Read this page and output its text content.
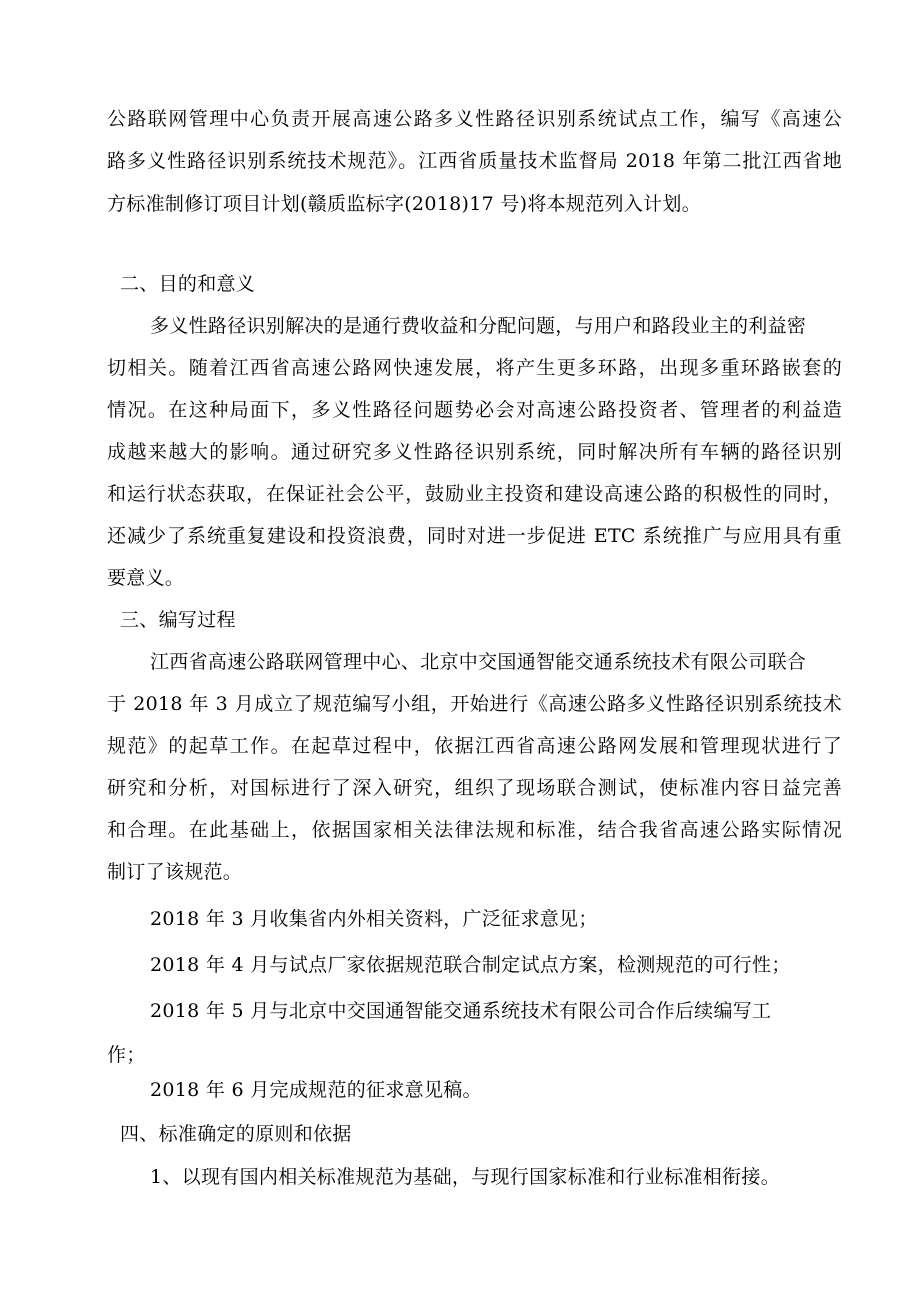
公路联网管理中心负责开展高速公路多义性路径识别系统试点工作，编写《高速公
路多义性路径识别系统技术规范》。江西省质量技术监督局 2018 年第二批江西省地
方标准制修订项目计划(赣质监标字(2018)17 号)将本规范列入计划。
二、目的和意义
多义性路径识别解决的是通行费收益和分配问题，与用户和路段业主的利益密
切相关。随着江西省高速公路网快速发展，将产生更多环路，出现多重环路嵌套的
情况。在这种局面下，多义性路径问题势必会对高速公路投资者、管理者的利益造
成越来越大的影响。通过研究多义性路径识别系统，同时解决所有车辆的路径识别
和运行状态获取，在保证社会公平，鼓励业主投资和建设高速公路的积极性的同时，
还减少了系统重复建设和投资浪费，同时对进一步促进 ETC 系统推广与应用具有重
要意义。
三、编写过程
江西省高速公路联网管理中心、北京中交国通智能交通系统技术有限公司联合
于 2018 年 3 月成立了规范编写小组，开始进行《高速公路多义性路径识别系统技术
规范》的起草工作。在起草过程中，依据江西省高速公路网发展和管理现状进行了
研究和分析，对国标进行了深入研究，组织了现场联合测试，使标准内容日益完善
和合理。在此基础上，依据国家相关法律法规和标准，结合我省高速公路实际情况
制订了该规范。
2018 年 3 月收集省内外相关资料，广泛征求意见；
2018 年 4 月与试点厂家依据规范联合制定试点方案，检测规范的可行性；
2018 年 5 月与北京中交国通智能交通系统技术有限公司合作后续编写工
作；
2018 年 6 月完成规范的征求意见稿。
四、标准确定的原则和依据
1、以现有国内相关标准规范为基础，与现行国家标准和行业标准相衔接。
